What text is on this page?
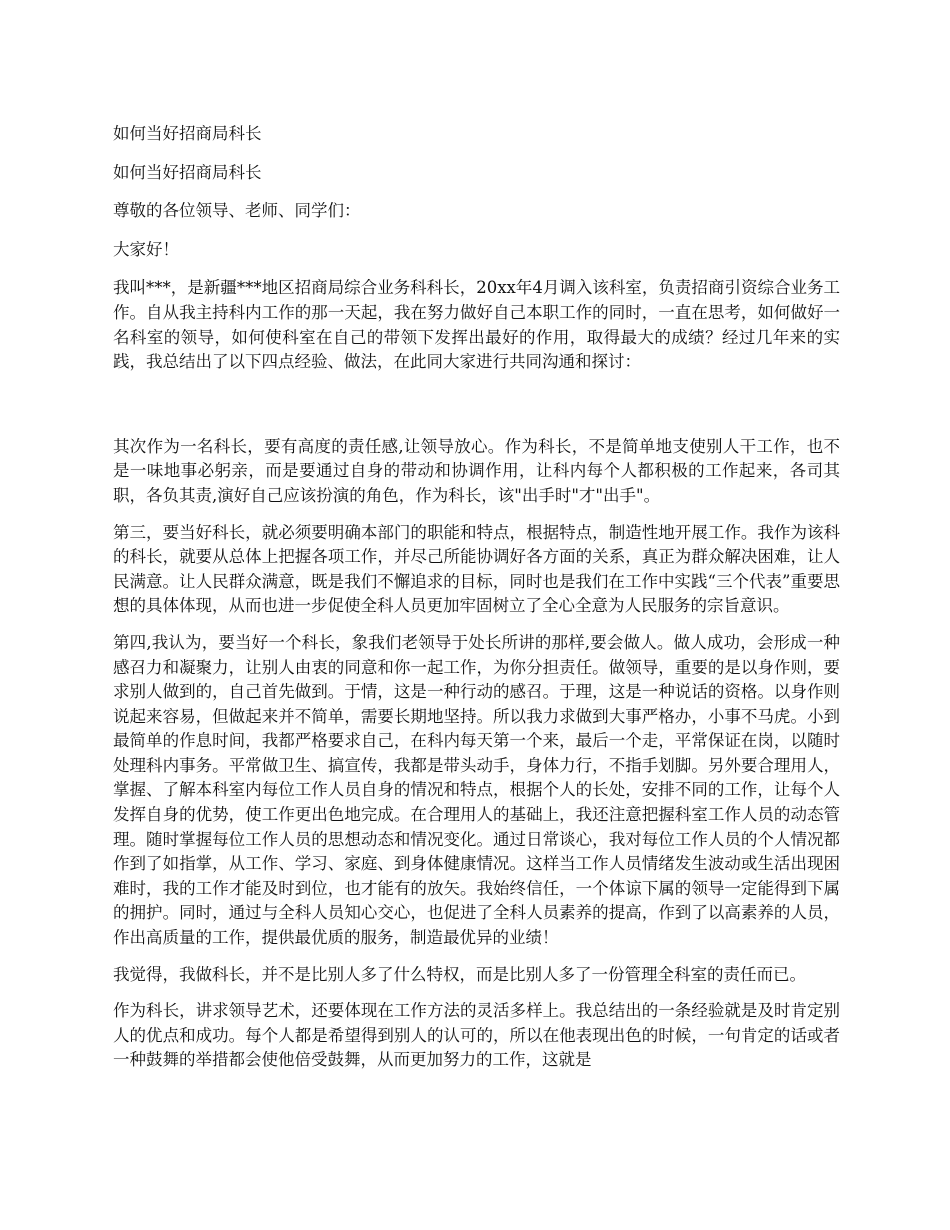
如何当好招商局科长

如何当好招商局科长

尊敬的各位领导、老师、同学们：

大家好！

我叫***，是新疆***地区招商局综合业务科科长，20xx年4月调入该科室，负责招商引资综合业务工作。自从我主持科内工作的那一天起，我在努力做好自己本职工作的同时，一直在思考，如何做好一名科室的领导，如何使科室在自己的带领下发挥出最好的作用，取得最大的成绩？经过几年来的实践，我总结出了以下四点经验、做法，在此同大家进行共同沟通和探讨：

其次作为一名科长，要有高度的责任感,让领导放心。作为科长，不是简单地支使别人干工作，也不是一味地事必躬亲，而是要通过自身的带动和协调作用，让科内每个人都积极的工作起来，各司其职，各负其责,演好自己应该扮演的角色，作为科长，该"出手时"才"出手"。

第三，要当好科长，就必须要明确本部门的职能和特点，根据特点，制造性地开展工作。我作为该科的科长，就要从总体上把握各项工作，并尽己所能协调好各方面的关系，真正为群众解决困难，让人民满意。让人民群众满意，既是我们不懈追求的目标，同时也是我们在工作中实践“三个代表”重要思想的具体体现，从而也进一步促使全科人员更加牢固树立了全心全意为人民服务的宗旨意识。

第四,我认为，要当好一个科长，象我们老领导于处长所讲的那样,要会做人。做人成功，会形成一种感召力和凝聚力，让别人由衷的同意和你一起工作，为你分担责任。做领导，重要的是以身作则，要求别人做到的，自己首先做到。于情，这是一种行动的感召。于理，这是一种说话的资格。以身作则说起来容易，但做起来并不简单，需要长期地坚持。所以我力求做到大事严格办，小事不马虎。小到最简单的作息时间，我都严格要求自己，在科内每天第一个来，最后一个走，平常保证在岗，以随时处理科内事务。平常做卫生、搞宣传，我都是带头动手，身体力行，不指手划脚。另外要合理用人，掌握、了解本科室内每位工作人员自身的情况和特点，根据个人的长处，安排不同的工作，让每个人发挥自身的优势，使工作更出色地完成。在合理用人的基础上，我还注意把握科室工作人员的动态管理。随时掌握每位工作人员的思想动态和情况变化。通过日常谈心，我对每位工作人员的个人情况都作到了如指掌，从工作、学习、家庭、到身体健康情况。这样当工作人员情绪发生波动或生活出现困难时，我的工作才能及时到位，也才能有的放矢。我始终信任，一个体谅下属的领导一定能得到下属的拥护。同时，通过与全科人员知心交心，也促进了全科人员素养的提高，作到了以高素养的人员，作出高质量的工作，提供最优质的服务，制造最优异的业绩！

我觉得，我做科长，并不是比别人多了什么特权，而是比别人多了一份管理全科室的责任而已。

作为科长，讲求领导艺术，还要体现在工作方法的灵活多样上。我总结出的一条经验就是及时肯定别人的优点和成功。每个人都是希望得到别人的认可的，所以在他表现出色的时候，一句肯定的话或者一种鼓舞的举措都会使他倍受鼓舞，从而更加努力的工作，这就是
